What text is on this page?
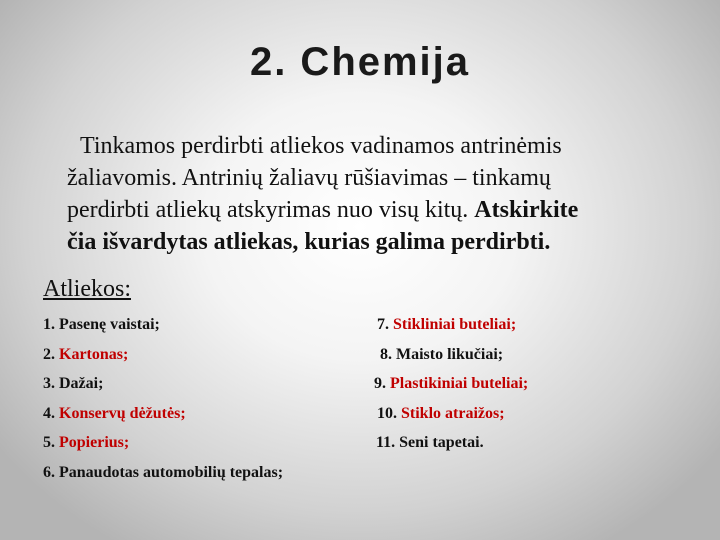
2. Chemija
Tinkamos perdirbti atliekos vadinamos antrinėmis
žaliavomis. Antrinių žaliavų rūšiavimas – tinkamų
perdirbti atliekų atskyrimas nuo visų kitų. Atskirkite
čia išvardytas atliekas, kurias galima perdirbti.
Atliekos:
1. Pasenę vaistai;
2. Kartonas;
3. Dažai;
4. Konservų dėžutės;
5. Popierius;
6. Panaudotas automobilių tepalas;
7. Stikliniai buteliai;
8. Maisto likučiai;
9. Plastikiniai buteliai;
10. Stiklo atraižos;
11. Seni tapetai.
